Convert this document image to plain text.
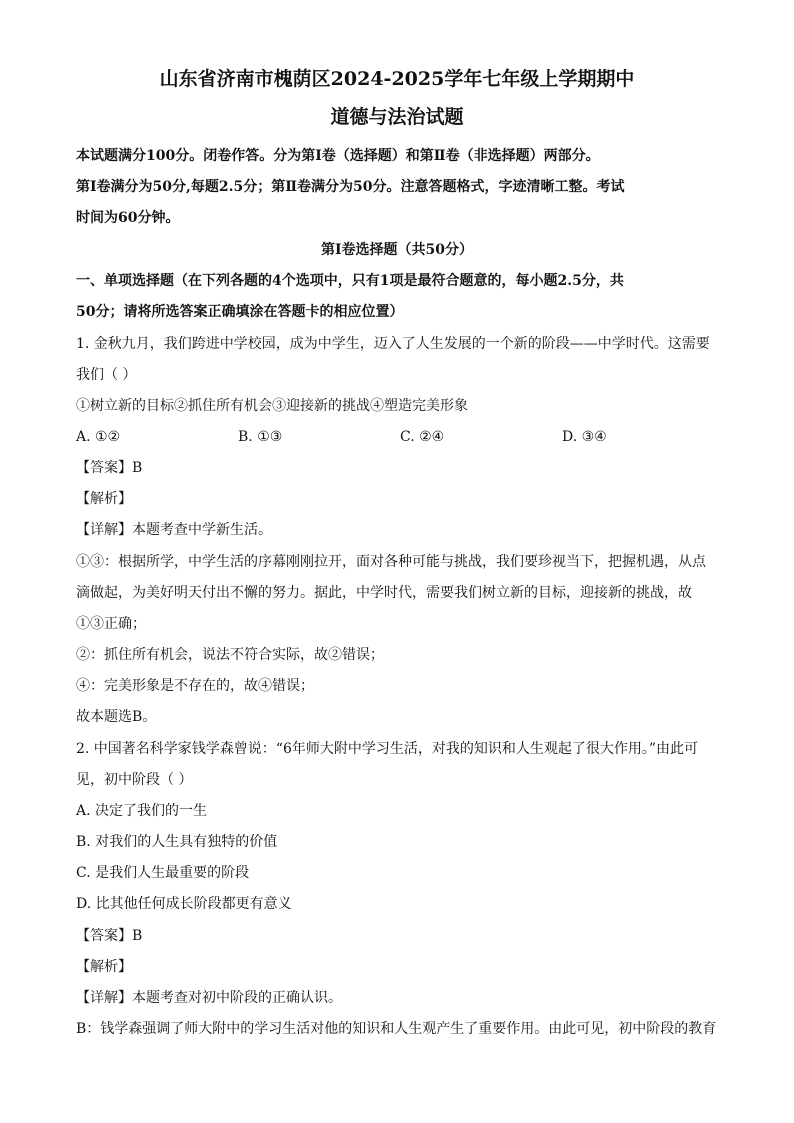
山东省济南市槐荫区2024-2025学年七年级上学期期中
道德与法治试题
本试题满分100分。闭卷作答。分为第Ⅰ卷（选择题）和第Ⅱ卷（非选择题）两部分。
第Ⅰ卷满分为50分,每题2.5分；第Ⅱ卷满分为50分。注意答题格式，字迹清晰工整。考试
时间为60分钟。
第Ⅰ卷选择题（共50分）
一、单项选择题（在下列各题的4个选项中，只有1项是最符合题意的，每小题2.5分，共
50分；请将所选答案正确填涂在答题卡的相应位置）
1. 金秋九月，我们跨进中学校园，成为中学生，迈入了人生发展的一个新的阶段——中学时代。这需要
我们（ ）
①树立新的目标②抓住所有机会③迎接新的挑战④塑造完美形象
A. ①②	B. ①③	C. ②④	D. ③④
【答案】B
【解析】
【详解】本题考查中学新生活。
①③：根据所学，中学生活的序幕刚刚拉开，面对各种可能与挑战，我们要珍视当下，把握机遇，从点
滴做起，为美好明天付出不懈的努力。据此，中学时代，需要我们树立新的目标，迎接新的挑战，故
①③正确；
②：抓住所有机会，说法不符合实际，故②错误；
④：完美形象是不存在的，故④错误；
故本题选B。
2. 中国著名科学家钱学森曾说：“6年师大附中学习生活，对我的知识和人生观起了很大作用。”由此可
见，初中阶段（ ）
A. 决定了我们的一生
B. 对我们的人生具有独特的价值
C. 是我们人生最重要的阶段
D. 比其他任何成长阶段都更有意义
【答案】B
【解析】
【详解】本题考查对初中阶段的正确认识。
B：钱学森强调了师大附中的学习生活对他的知识和人生观产生了重要作用。由此可见，初中阶段的教育
